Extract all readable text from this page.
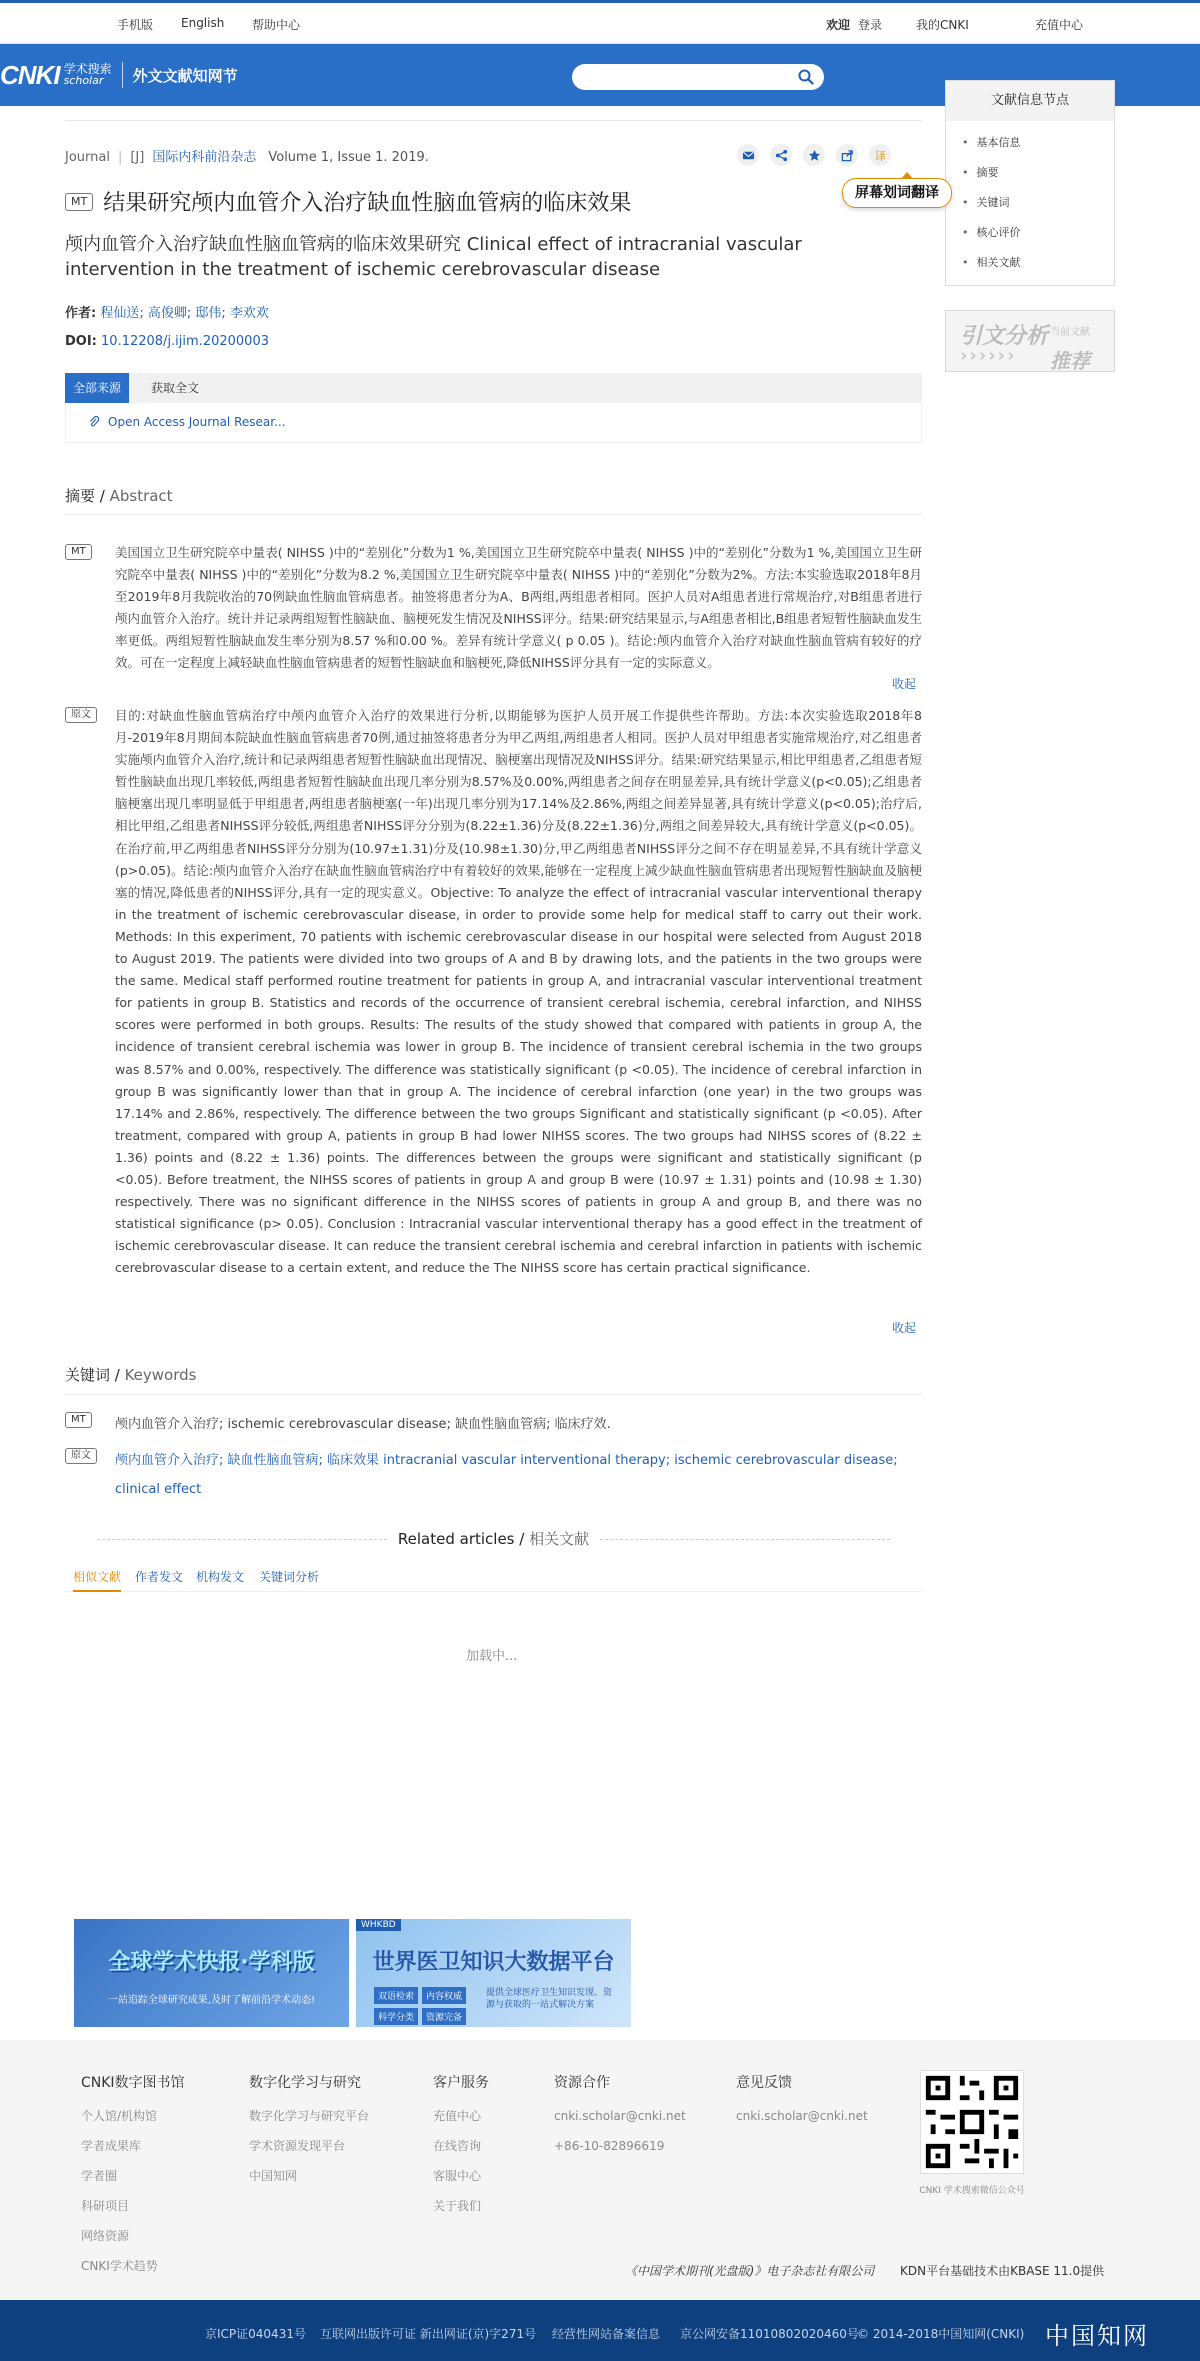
手机版 English 帮助中心	欢迎 登录	我的CNKI	充值中心
CNKI 学术搜索
scholar	外文文献知网节
文献信息节点
• 基本信息
• 摘要
• 关键词
• 核心评价
• 相关文献
引文分析 当前文献
›››››› 推荐
Journal | [J] 国际内科前沿杂志 Volume 1, Issue 1. 2019.	译
屏幕划词翻译
MT 结果研究颅内血管介入治疗缺血性脑血管病的临床效果
颅内血管介入治疗缺血性脑血管病的临床效果研究 Clinical effect of intracranial vascular intervention in the treatment of ischemic cerebrovascular disease
作者: 程仙送; 高俊卿; 邸伟; 李欢欢
DOI: 10.12208/j.ijim.20200003
全部来源	获取全文
Open Access Journal Resear...
摘要 / Abstract
MT	美国国立卫生研究院卒中量表( NIHSS )中的“差别化”分数为1 %,美国国立卫生研究院卒中量表( NIHSS )中的“差别化”分数为1 %,美国国立卫生研究院卒中量表( NIHSS )中的“差别化”分数为8.2 %,美国国立卫生研究院卒中量表( NIHSS )中的“差别化”分数为2%。方法:本实验选取2018年8月至2019年8月我院收治的70例缺血性脑血管病患者。抽签将患者分为A、B两组,两组患者相同。医护人员对A组患者进行常规治疗,对B组患者进行颅内血管介入治疗。统计并记录两组短暂性脑缺血、脑梗死发生情况及NIHSS评分。结果:研究结果显示,与A组患者相比,B组患者短暂性脑缺血发生率更低。两组短暂性脑缺血发生率分别为8.57 %和0.00 %。差异有统计学意义( p 0.05 )。结论:颅内血管介入治疗对缺血性脑血管病有较好的疗效。可在一定程度上减轻缺血性脑血管病患者的短暂性脑缺血和脑梗死,降低NIHSS评分具有一定的实际意义。

收起
原文	目的:对缺血性脑血管病治疗中颅内血管介入治疗的效果进行分析,以期能够为医护人员开展工作提供些许帮助。方法:本次实验选取2018年8月-2019年8月期间本院缺血性脑血管病患者70例,通过抽签将患者分为甲乙两组,两组患者人相同。医护人员对甲组患者实施常规治疗,对乙组患者实施颅内血管介入治疗,统计和记录两组患者短暂性脑缺血出现情况、脑梗塞出现情况及NIHSS评分。结果:研究结果显示,相比甲组患者,乙组患者短暂性脑缺血出现几率较低,两组患者短暂性脑缺血出现几率分别为8.57%及0.00%,两组患者之间存在明显差异,具有统计学意义(p<0.05);乙组患者脑梗塞出现几率明显低于甲组患者,两组患者脑梗塞(一年)出现几率分别为17.14%及2.86%,两组之间差异显著,具有统计学意义(p<0.05);治疗后,相比甲组,乙组患者NIHSS评分较低,两组患者NIHSS评分分别为(8.22±1.36)分及(8.22±1.36)分,两组之间差异较大,具有统计学意义(p<0.05)。在治疗前,甲乙两组患者NIHSS评分分别为(10.97±1.31)分及(10.98±1.30)分,甲乙两组患者NIHSS评分之间不存在明显差异,不具有统计学意义(p>0.05)。结论:颅内血管介入治疗在缺血性脑血管病治疗中有着较好的效果,能够在一定程度上减少缺血性脑血管病患者出现短暂性脑缺血及脑梗塞的情况,降低患者的NIHSS评分,具有一定的现实意义。Objective: To analyze the effect of intracranial vascular interventional therapy in the treatment of ischemic cerebrovascular disease, in order to provide some help for medical staff to carry out their work. Methods: In this experiment, 70 patients with ischemic cerebrovascular disease in our hospital were selected from August 2018 to August 2019. The patients were divided into two groups of A and B by drawing lots, and the patients in the two groups were the same. Medical staff performed routine treatment for patients in group A, and intracranial vascular interventional treatment for patients in group B. Statistics and records of the occurrence of transient cerebral ischemia, cerebral infarction, and NIHSS scores were performed in both groups. Results: The results of the study showed that compared with patients in group A, the incidence of transient cerebral ischemia was lower in group B. The incidence of transient cerebral ischemia in the two groups was 8.57% and 0.00%, respectively. The difference was statistically significant (p <0.05). The incidence of cerebral infarction in group B was significantly lower than that in group A. The incidence of cerebral infarction (one year) in the two groups was 17.14% and 2.86%, respectively. The difference between the two groups Significant and statistically significant (p <0.05). After treatment, compared with group A, patients in group B had lower NIHSS scores. The two groups had NIHSS scores of (8.22 ± 1.36) points and (8.22 ± 1.36) points. The differences between the groups were significant and statistically significant (p <0.05). Before treatment, the NIHSS scores of patients in group A and group B were (10.97 ± 1.31) points and (10.98 ± 1.30) respectively. There was no significant difference in the NIHSS scores of patients in group A and group B, and there was no statistical significance (p> 0.05). Conclusion : Intracranial vascular interventional therapy has a good effect in the treatment of ischemic cerebrovascular disease. It can reduce the transient cerebral ischemia and cerebral infarction in patients with ischemic cerebrovascular disease to a certain extent, and reduce the The NIHSS score has certain practical significance.

收起
关键词 / Keywords
MT	颅内血管介入治疗; ischemic cerebrovascular disease; 缺血性脑血管病; 临床疗效.

原文	颅内血管介入治疗; 缺血性脑血管病; 临床效果 intracranial vascular interventional therapy; ischemic cerebrovascular disease; clinical effect

Related articles / 相关文献
相似文献 作者发文 机构发文 关键词分析
加载中...
全球学术快报·学科版
一站追踪全球研究成果,及时了解前沿学术动态!
WHKBD
世界医卫知识大数据平台
双语检索	内容权威
科学分类	资源完备
提供全球医疗卫生知识发现、资源与获取的一站式解决方案
CNKI数字图书馆
个人馆/机构馆
学者成果库
学者圈
科研项目
网络资源
CNKI学术趋势
数字化学习与研究
数字化学习与研究平台
学术资源发现平台
中国知网
客户服务
充值中心
在线咨询
客服中心
关于我们
资源合作
cnki.scholar@cnki.net
+86-10-82896619
意见反馈
cnki.scholar@cnki.net
CNKI 学术搜索微信公众号
《中国学术期刊(光盘版)》电子杂志社有限公司 KDN平台基础技术由KBASE 11.0提供
京ICP证040431号 互联网出版许可证 新出网证(京)字271号 经营性网站备案信息 京公网安备11010802020460号
© 2014-2018中国知网(CNKI) 中国知网
